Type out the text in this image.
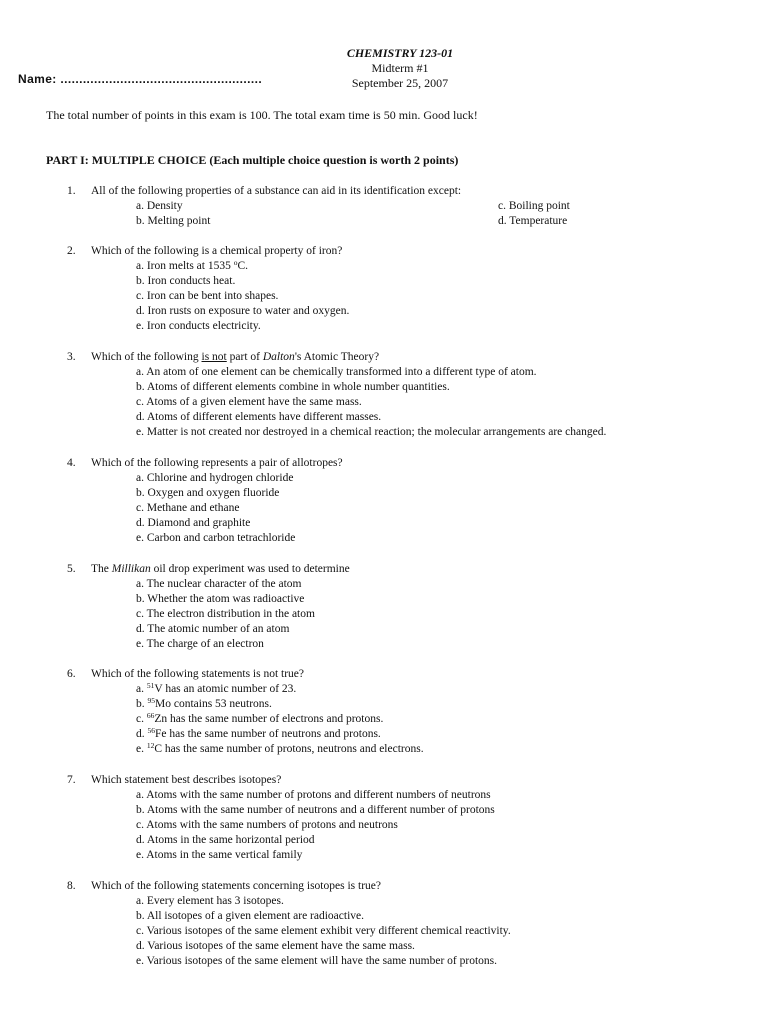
CHEMISTRY 123-01
Midterm #1
September 25, 2007
Name: ......................................................
The total number of points in this exam is 100. The total exam time is 50 min. Good luck!
PART I: MULTIPLE CHOICE (Each multiple choice question is worth 2 points)
1. All of the following properties of a substance can aid in its identification except:
a. Density	c. Boiling point
b. Melting point	d. Temperature
2. Which of the following is a chemical property of iron?
a. Iron melts at 1535 $^o$C.
b. Iron conducts heat.
c. Iron can be bent into shapes.
d. Iron rusts on exposure to water and oxygen.
e. Iron conducts electricity.
3. Which of the following is not part of Dalton's Atomic Theory?
a. An atom of one element can be chemically transformed into a different type of atom.
b. Atoms of different elements combine in whole number quantities.
c. Atoms of a given element have the same mass.
d. Atoms of different elements have different masses.
e. Matter is not created nor destroyed in a chemical reaction; the molecular arrangements are changed.
4. Which of the following represents a pair of allotropes?
a. Chlorine and hydrogen chloride
b. Oxygen and oxygen fluoride
c. Methane and ethane
d. Diamond and graphite
e. Carbon and carbon tetrachloride
5. The Millikan oil drop experiment was used to determine
a. The nuclear character of the atom
b. Whether the atom was radioactive
c. The electron distribution in the atom
d. The atomic number of an atom
e. The charge of an electron
6. Which of the following statements is not true?
a. $^{51}$V has an atomic number of 23.
b. $^{95}$Mo contains 53 neutrons.
c. $^{66}$Zn has the same number of electrons and protons.
d. $^{56}$Fe has the same number of neutrons and protons.
e. $^{12}$C has the same number of protons, neutrons and electrons.
7. Which statement best describes isotopes?
a. Atoms with the same number of protons and different numbers of neutrons
b. Atoms with the same number of neutrons and a different number of protons
c. Atoms with the same numbers of protons and neutrons
d. Atoms in the same horizontal period
e. Atoms in the same vertical family
8. Which of the following statements concerning isotopes is true?
a. Every element has 3 isotopes.
b. All isotopes of a given element are radioactive.
c. Various isotopes of the same element exhibit very different chemical reactivity.
d. Various isotopes of the same element have the same mass.
e. Various isotopes of the same element will have the same number of protons.
